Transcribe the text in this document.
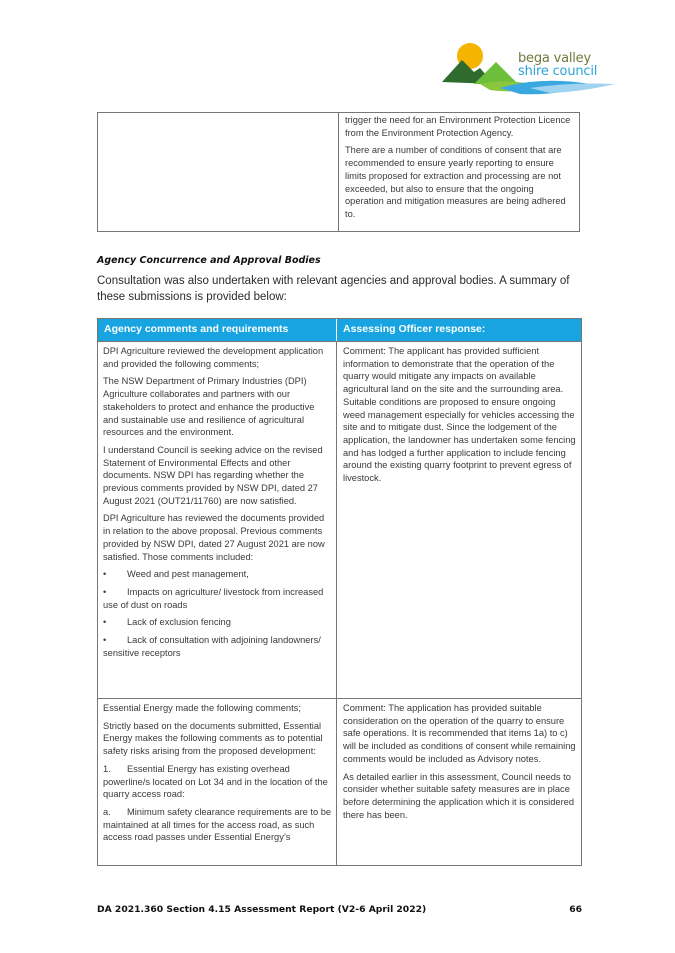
bega valley
shire council

trigger the need for an Environment Protection Licence from the Environment Protection Agency.

There are a number of conditions of consent that are recommended to ensure yearly reporting to ensure limits proposed for extraction and processing are not exceeded, but also to ensure that the ongoing operation and mitigation measures are being adhered to.

Agency Concurrence and Approval Bodies
Consultation was also undertaken with relevant agencies and approval bodies. A summary of these submissions is provided below:
Agency comments and requirements	Assessing Officer response:

DPI Agriculture reviewed the development application and provided the following comments;

The NSW Department of Primary Industries (DPI) Agriculture collaborates and partners with our stakeholders to protect and enhance the productive and sustainable use and resilience of agricultural resources and the environment.

I understand Council is seeking advice on the revised Statement of Environmental Effects and other documents. NSW DPI has regarding whether the previous comments provided by NSW DPI, dated 27 August 2021 (OUT21/11760) are now satisfied.

DPI Agriculture has reviewed the documents provided in relation to the above proposal. Previous comments provided by NSW DPI, dated 27 August 2021 are now satisfied. Those comments included:

• Weed and pest management,

• Impacts on agriculture/ livestock from increased use of dust on roads

• Lack of exclusion fencing

• Lack of consultation with adjoining landowners/ sensitive receptors

Comment: The applicant has provided sufficient information to demonstrate that the operation of the quarry would mitigate any impacts on available agricultural land on the site and the surrounding area. Suitable conditions are proposed to ensure ongoing weed management especially for vehicles accessing the site and to mitigate dust. Since the lodgement of the application, the landowner has undertaken some fencing and has lodged a further application to include fencing around the existing quarry footprint to prevent egress of livestock.

Essential Energy made the following comments;

Strictly based on the documents submitted, Essential Energy makes the following comments as to potential safety risks arising from the proposed development:

1. Essential Energy has existing overhead powerline/s located on Lot 34 and in the location of the quarry access road:

a. Minimum safety clearance requirements are to be maintained at all times for the access road, as such access road passes under Essential Energy’s

Comment: The application has provided suitable consideration on the operation of the quarry to ensure safe operations. It is recommended that items 1a) to c) will be included as conditions of consent while remaining comments would be included as Advisory notes.

As detailed earlier in this assessment, Council needs to consider whether suitable safety measures are in place before determining the application which it is considered there has been.

DA 2021.360 Section 4.15 Assessment Report (V2-6 April 2022)	66
